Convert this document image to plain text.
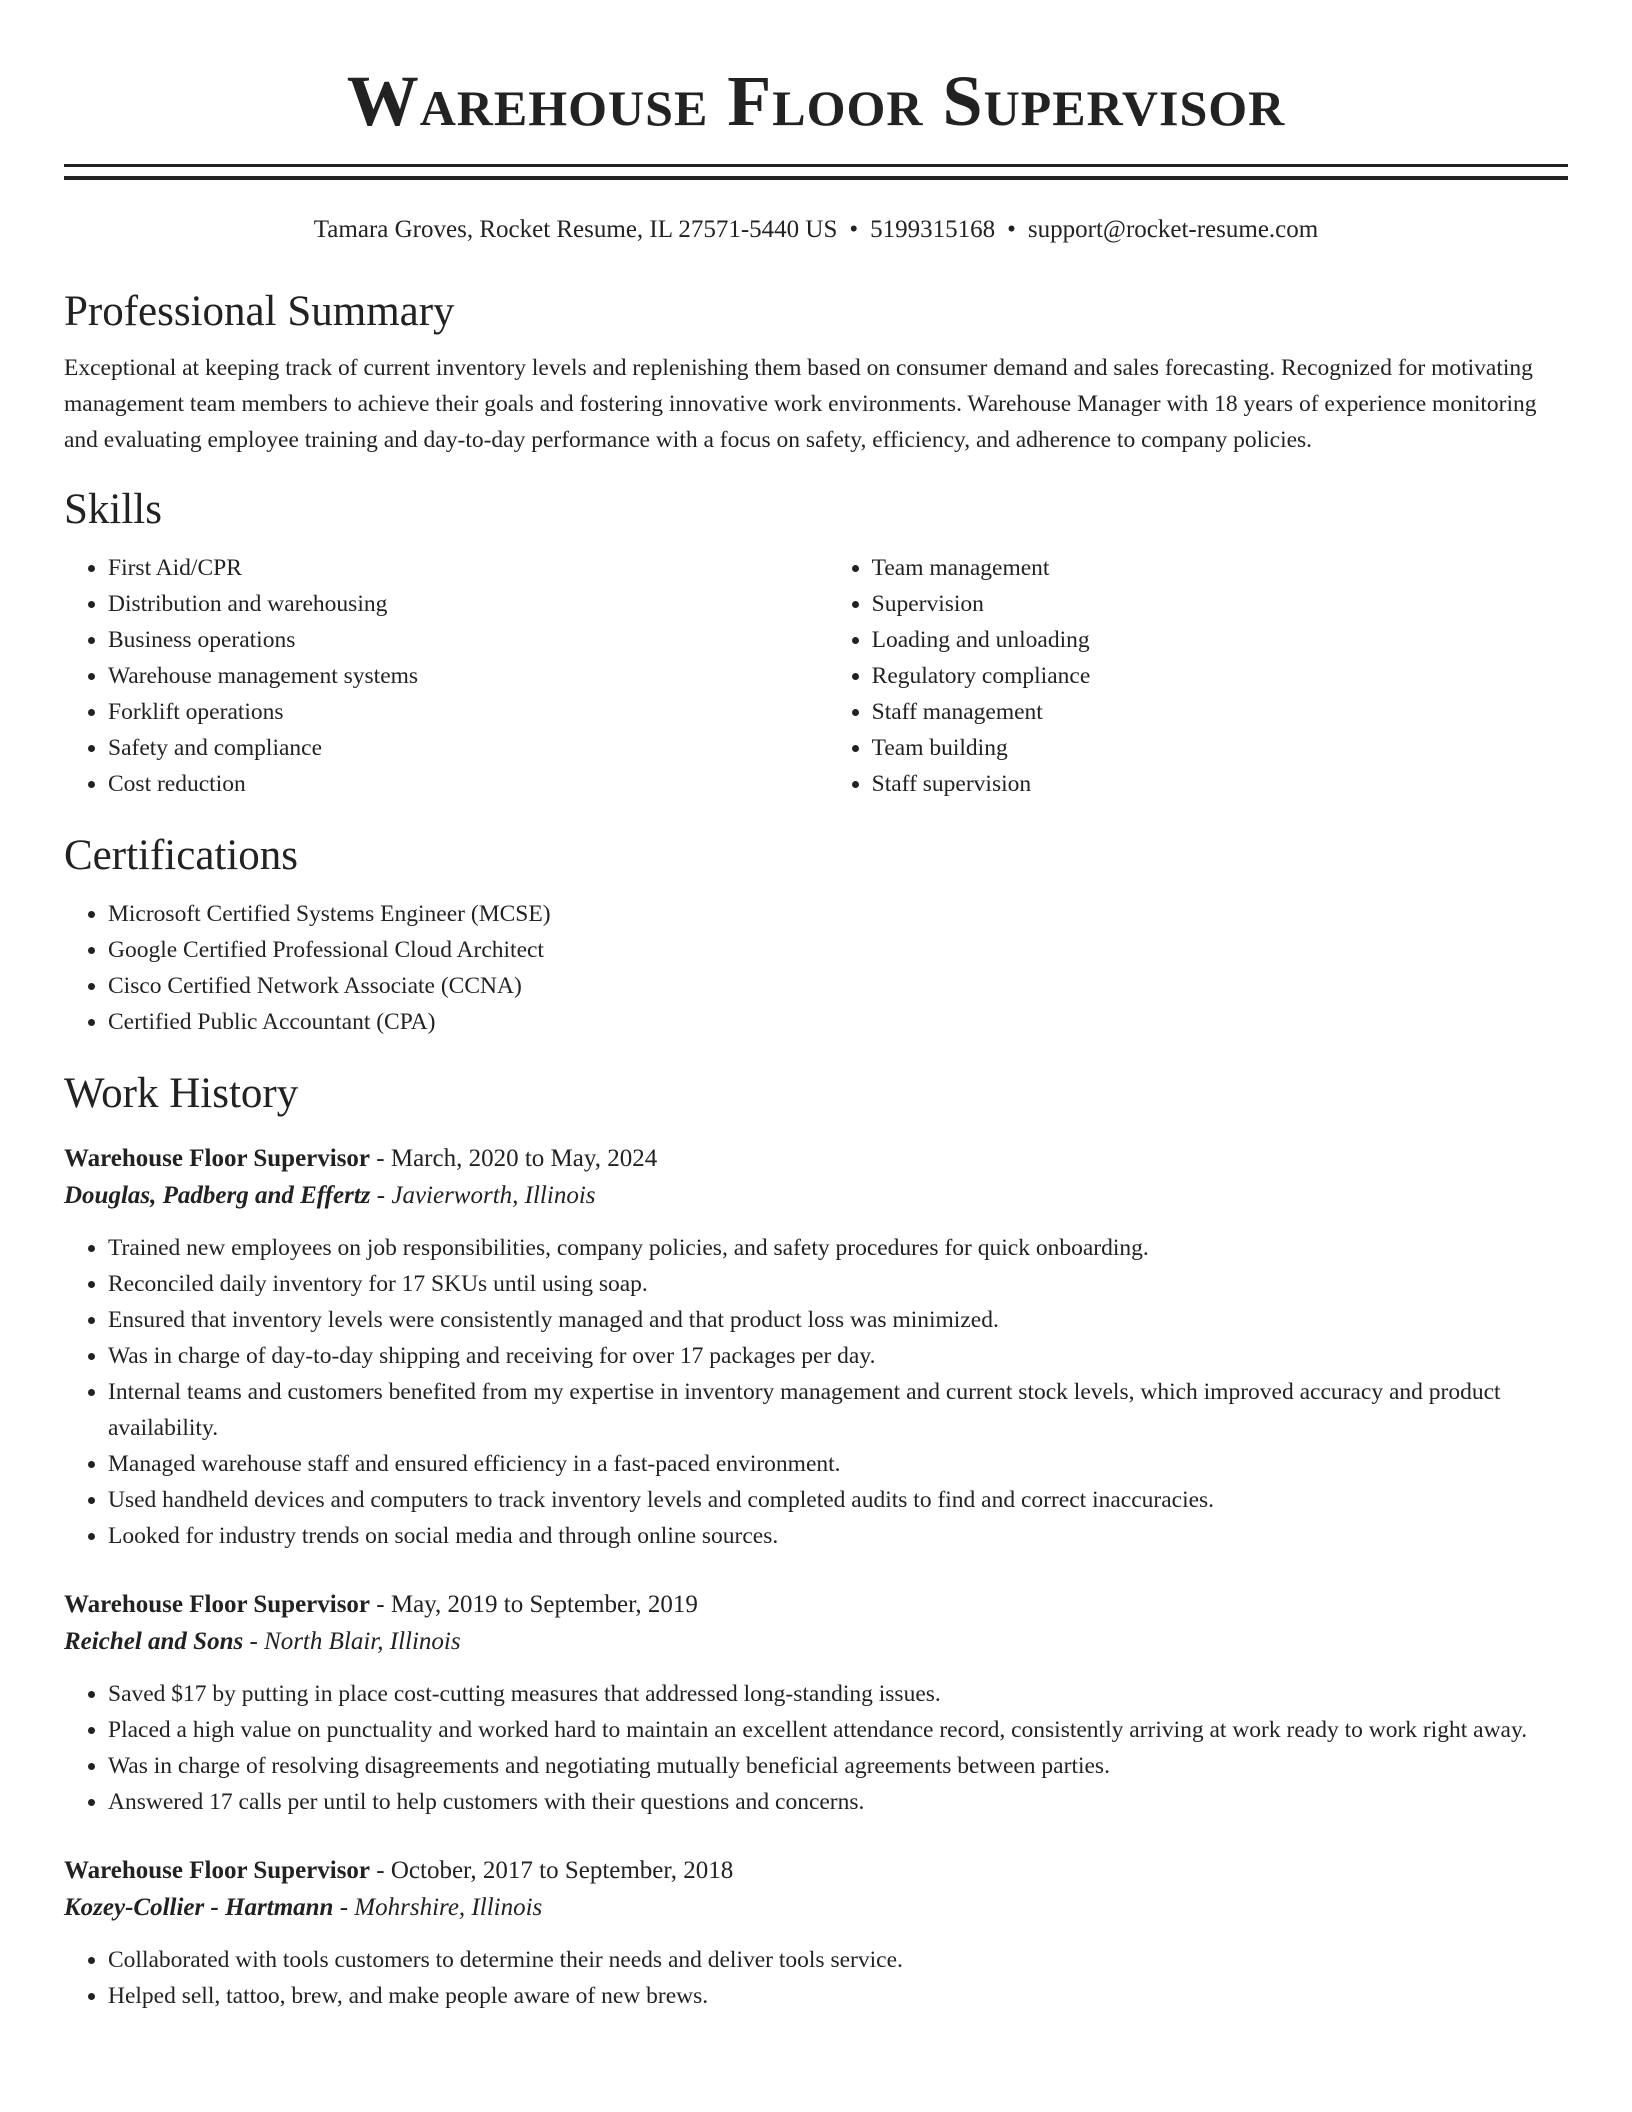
Warehouse Floor Supervisor
Tamara Groves, Rocket Resume, IL 27571-5440 US • 5199315168 • support@rocket-resume.com
Professional Summary

Exceptional at keeping track of current inventory levels and replenishing them based on consumer demand and sales forecasting. Recognized for motivating management team members to achieve their goals and fostering innovative work environments. Warehouse Manager with 18 years of experience monitoring and evaluating employee training and day-to-day performance with a focus on safety, efficiency, and adherence to company policies.

Skills
• First Aid/CPR
• Distribution and warehousing
• Business operations
• Warehouse management systems
• Forklift operations
• Safety and compliance
• Cost reduction
• Team management
• Supervision
• Loading and unloading
• Regulatory compliance
• Staff management
• Team building
• Staff supervision
Certifications
• Microsoft Certified Systems Engineer (MCSE)
• Google Certified Professional Cloud Architect
• Cisco Certified Network Associate (CCNA)
• Certified Public Accountant (CPA)
Work History
Warehouse Floor Supervisor - March, 2020 to May, 2024
Douglas, Padberg and Effertz - Javierworth, Illinois
• Trained new employees on job responsibilities, company policies, and safety procedures for quick onboarding.
• Reconciled daily inventory for 17 SKUs until using soap.
• Ensured that inventory levels were consistently managed and that product loss was minimized.
• Was in charge of day-to-day shipping and receiving for over 17 packages per day.
• Internal teams and customers benefited from my expertise in inventory management and current stock levels, which improved accuracy and product availability.
• Managed warehouse staff and ensured efficiency in a fast-paced environment.
• Used handheld devices and computers to track inventory levels and completed audits to find and correct inaccuracies.
• Looked for industry trends on social media and through online sources.
Warehouse Floor Supervisor - May, 2019 to September, 2019
Reichel and Sons - North Blair, Illinois
• Saved $17 by putting in place cost-cutting measures that addressed long-standing issues.
• Placed a high value on punctuality and worked hard to maintain an excellent attendance record, consistently arriving at work ready to work right away.
• Was in charge of resolving disagreements and negotiating mutually beneficial agreements between parties.
• Answered 17 calls per until to help customers with their questions and concerns.
Warehouse Floor Supervisor - October, 2017 to September, 2018
Kozey-Collier - Hartmann - Mohrshire, Illinois
• Collaborated with tools customers to determine their needs and deliver tools service.
• Helped sell, tattoo, brew, and make people aware of new brews.
